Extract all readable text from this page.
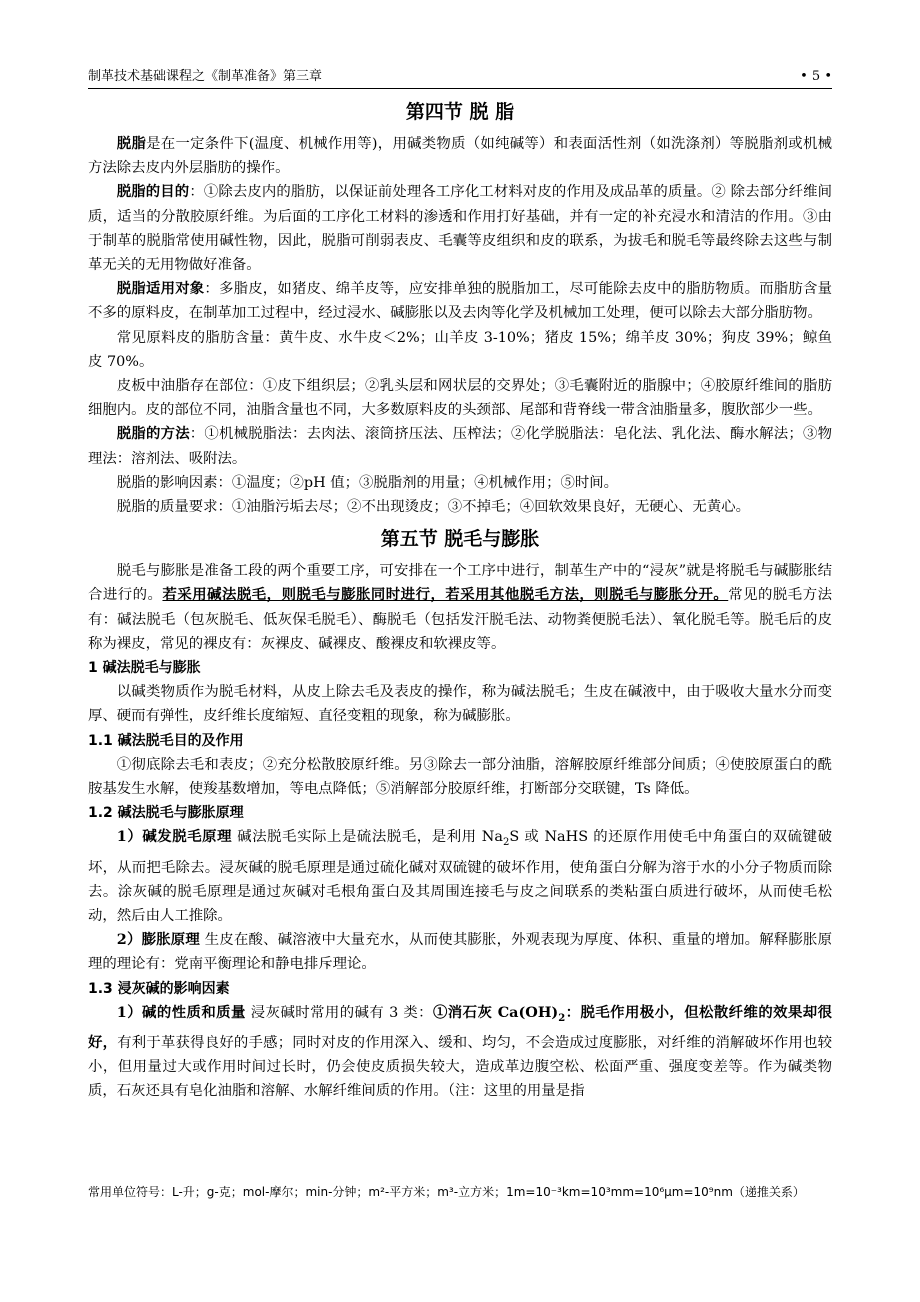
制革技术基础课程之《制革准备》第三章	• 5 •
第四节 脱 脂

脱脂是在一定条件下(温度、机械作用等)，用碱类物质（如纯碱等）和表面活性剂（如洗涤剂）等脱脂剂或机械方法除去皮内外层脂肪的操作。

脱脂的目的：①除去皮内的脂肪，以保证前处理各工序化工材料对皮的作用及成品革的质量。② 除去部分纤维间质，适当的分散胶原纤维。为后面的工序化工材料的渗透和作用打好基础，并有一定的补充浸水和清洁的作用。③由于制革的脱脂常使用碱性物，因此，脱脂可削弱表皮、毛囊等皮组织和皮的联系，为拔毛和脱毛等最终除去这些与制革无关的无用物做好准备。

脱脂适用对象：多脂皮，如猪皮、绵羊皮等，应安排单独的脱脂加工，尽可能除去皮中的脂肪物质。而脂肪含量不多的原料皮，在制革加工过程中，经过浸水、碱膨胀以及去肉等化学及机械加工处理，便可以除去大部分脂肪物。

常见原料皮的脂肪含量：黄牛皮、水牛皮＜2%；山羊皮 3-10%；猪皮 15%；绵羊皮 30%；狗皮 39%；鲸鱼皮 70%。

皮板中油脂存在部位：①皮下组织层；②乳头层和网状层的交界处；③毛囊附近的脂腺中；④胶原纤维间的脂肪细胞内。皮的部位不同，油脂含量也不同，大多数原料皮的头颈部、尾部和背脊线一带含油脂量多，腹肷部少一些。

脱脂的方法：①机械脱脂法：去肉法、滚筒挤压法、压榨法；②化学脱脂法：皂化法、乳化法、酶水解法；③物理法：溶剂法、吸附法。

脱脂的影响因素：①温度；②pH 值；③脱脂剂的用量；④机械作用；⑤时间。

脱脂的质量要求：①油脂污垢去尽；②不出现烫皮；③不掉毛；④回软效果良好，无硬心、无黄心。

第五节 脱毛与膨胀

脱毛与膨胀是准备工段的两个重要工序，可安排在一个工序中进行，制革生产中的“浸灰”就是将脱毛与碱膨胀结合进行的。若采用碱法脱毛，则脱毛与膨胀同时进行，若采用其他脱毛方法，则脱毛与膨胀分开。常见的脱毛方法有：碱法脱毛（包灰脱毛、低灰保毛脱毛）、酶脱毛（包括发汗脱毛法、动物粪便脱毛法）、氧化脱毛等。脱毛后的皮称为裸皮，常见的裸皮有：灰裸皮、碱裸皮、酸裸皮和软裸皮等。

1 碱法脱毛与膨胀

以碱类物质作为脱毛材料，从皮上除去毛及表皮的操作，称为碱法脱毛；生皮在碱液中，由于吸收大量水分而变厚、硬而有弹性，皮纤维长度缩短、直径变粗的现象，称为碱膨胀。

1.1 碱法脱毛目的及作用

①彻底除去毛和表皮；②充分松散胶原纤维。另③除去一部分油脂，溶解胶原纤维部分间质；④使胶原蛋白的酰胺基发生水解，使羧基数增加，等电点降低；⑤消解部分胶原纤维，打断部分交联键，Ts 降低。

1.2 碱法脱毛与膨胀原理

1）碱发脱毛原理 碱法脱毛实际上是硫法脱毛，是利用 $Na_2S$ 或 NaHS 的还原作用使毛中角蛋白的双硫键破坏，从而把毛除去。浸灰碱的脱毛原理是通过硫化碱对双硫键的破坏作用，使角蛋白分解为溶于水的小分子物质而除去。涂灰碱的脱毛原理是通过灰碱对毛根角蛋白及其周围连接毛与皮之间联系的类粘蛋白质进行破坏，从而使毛松动，然后由人工推除。

2）膨胀原理 生皮在酸、碱溶液中大量充水，从而使其膨胀，外观表现为厚度、体积、重量的增加。解释膨胀原理的理论有：党南平衡理论和静电排斥理论。

1.3 浸灰碱的影响因素

1）碱的性质和质量 浸灰碱时常用的碱有 3 类：①消石灰 $Ca(OH)_2$：脱毛作用极小，但松散纤维的效果却很好，有利于革获得良好的手感；同时对皮的作用深入、缓和、均匀，不会造成过度膨胀，对纤维的消解破坏作用也较小，但用量过大或作用时间过长时，仍会使皮质损失较大，造成革边腹空松、松面严重、强度变差等。作为碱类物质，石灰还具有皂化油脂和溶解、水解纤维间质的作用。（注：这里的用量是指

常用单位符号：L-升；g-克；mol-摩尔；min-分钟；m²-平方米；m³-立方米；1m=10⁻³km=10³mm=10⁶μm=10⁹nm（递推关系）
